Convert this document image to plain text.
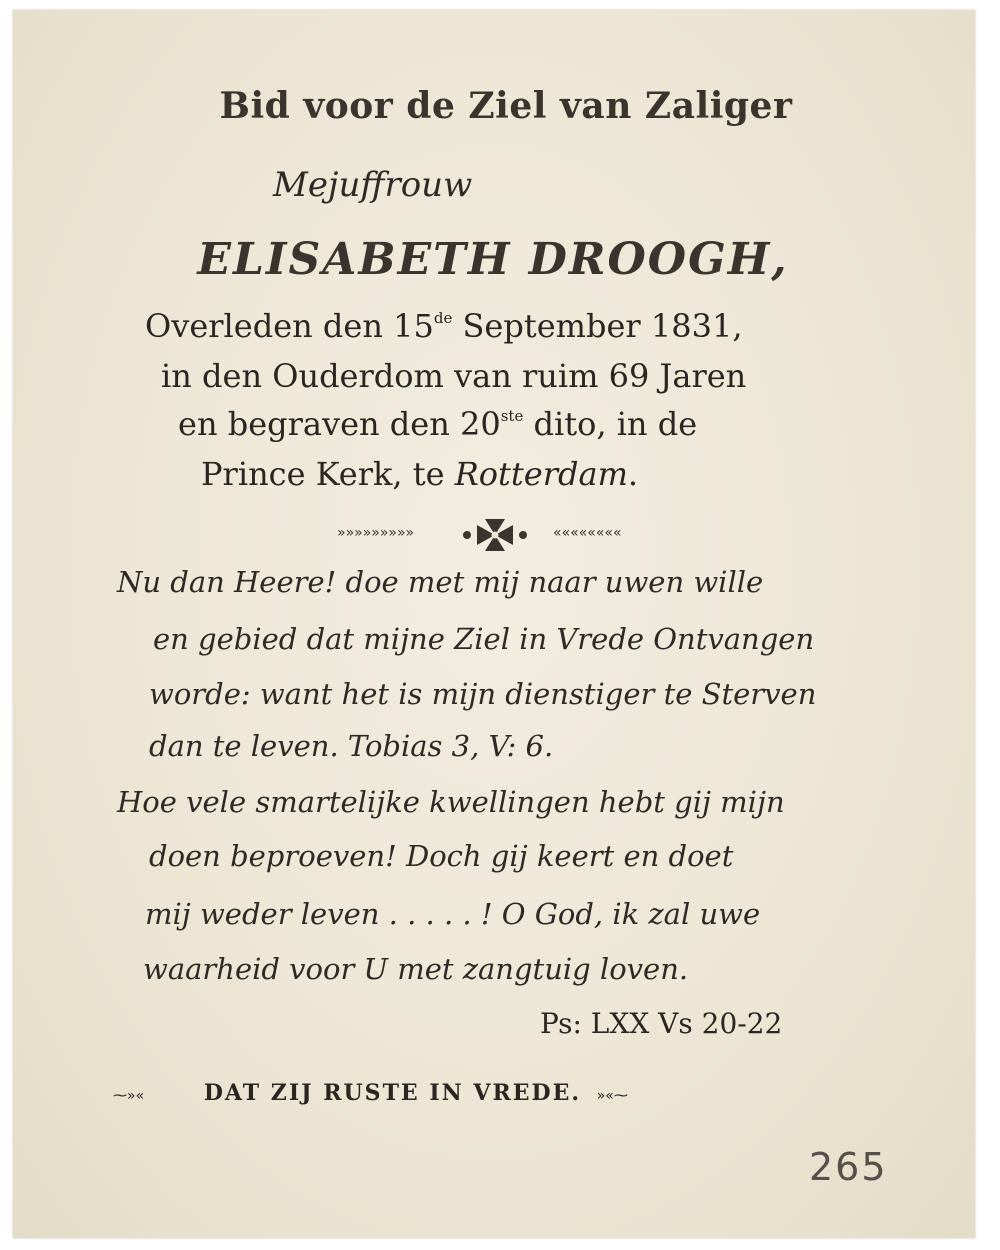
Bid voor de Ziel van Zaliger
Mejuffrouw
ELISABETH DROOGH,
Overleden den 15de September 1831,
in den Ouderdom van ruim 69 Jaren
en begraven den 20ste dito, in de
Prince Kerk, te Rotterdam.
»»»»»»»»»	««««««««
Nu dan Heere! doe met mij naar uwen wille
en gebied dat mijne Ziel in Vrede Ontvangen
worde: want het is mijn dienstiger te Sterven
dan te leven. Tobias 3, V: 6.
Hoe vele smartelijke kwellingen hebt gij mijn
doen beproeven! Doch gij keert en doet
mij weder leven . . . . . ! O God, ik zal uwe
waarheid voor U met zangtuig loven.
Ps: LXX Vs 20-22
⁓»«	DAT ZIJ RUSTE IN VREDE. »«⁓
265
